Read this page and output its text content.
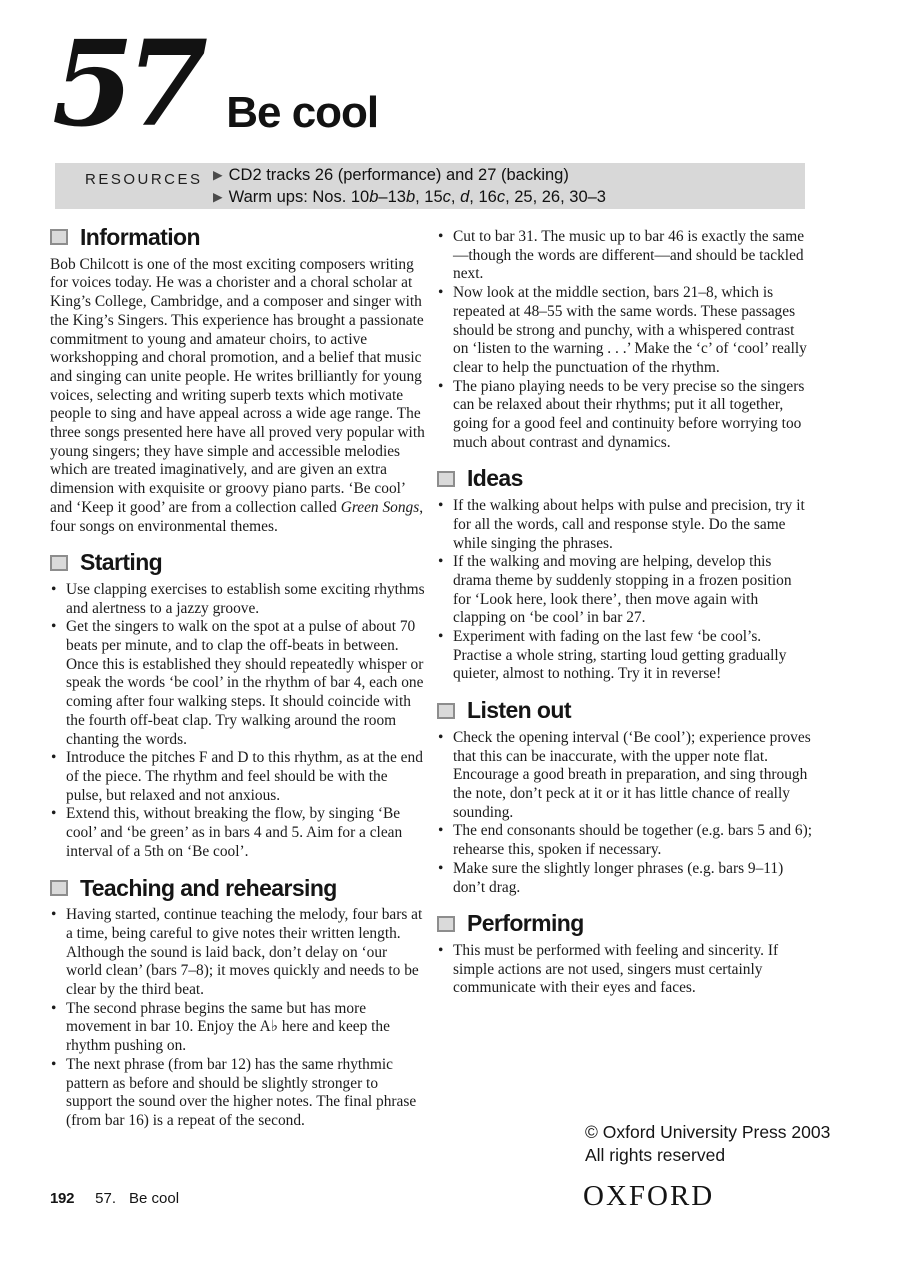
57 Be cool
RESOURCES ▶ CD2 tracks 26 (performance) and 27 (backing)
▶ Warm ups: Nos. 10b–13b, 15c, d, 16c, 25, 26, 30–3
Information

Bob Chilcott is one of the most exciting composers writing for voices today. He was a chorister and a choral scholar at King’s College, Cambridge, and a composer and singer with the King’s Singers. This experience has brought a passionate commitment to young and amateur choirs, to active workshopping and choral promotion, and a belief that music and singing can unite people. He writes brilliantly for young voices, selecting and writing superb texts which motivate people to sing and have appeal across a wide age range. The three songs presented here have all proved very popular with young singers; they have simple and accessible melodies which are treated imaginatively, and are given an extra dimension with exquisite or groovy piano parts. ‘Be cool’ and ‘Keep it good’ are from a collection called Green Songs, four songs on environmental themes.

Starting
• Use clapping exercises to establish some exciting rhythms and alertness to a jazzy groove.
• Get the singers to walk on the spot at a pulse of about 70 beats per minute, and to clap the off-beats in between. Once this is established they should repeatedly whisper or speak the words ‘be cool’ in the rhythm of bar 4, each one coming after four walking steps. It should coincide with the fourth off-beat clap. Try walking around the room chanting the words.
• Introduce the pitches F and D to this rhythm, as at the end of the piece. The rhythm and feel should be with the pulse, but relaxed and not anxious.
• Extend this, without breaking the flow, by singing ‘Be cool’ and ‘be green’ as in bars 4 and 5. Aim for a clean interval of a 5th on ‘Be cool’.
Teaching and rehearsing
• Having started, continue teaching the melody, four bars at a time, being careful to give notes their written length. Although the sound is laid back, don’t delay on ‘our world clean’ (bars 7–8); it moves quickly and needs to be clear by the third beat.
• The second phrase begins the same but has more movement in bar 10. Enjoy the A♭ here and keep the rhythm pushing on.
• The next phrase (from bar 12) has the same rhythmic pattern as before and should be slightly stronger to support the sound over the higher notes. The final phrase (from bar 16) is a repeat of the second.
• Cut to bar 31. The music up to bar 46 is exactly the same—though the words are different—and should be tackled next.
• Now look at the middle section, bars 21–8, which is repeated at 48–55 with the same words. These passages should be strong and punchy, with a whispered contrast on ‘listen to the warning . . .’ Make the ‘c’ of ‘cool’ really clear to help the punctuation of the rhythm.
• The piano playing needs to be very precise so the singers can be relaxed about their rhythms; put it all together, going for a good feel and continuity before worrying too much about contrast and dynamics.
Ideas
• If the walking about helps with pulse and precision, try it for all the words, call and response style. Do the same while singing the phrases.
• If the walking and moving are helping, develop this drama theme by suddenly stopping in a frozen position for ‘Look here, look there’, then move again with clapping on ‘be cool’ in bar 27.
• Experiment with fading on the last few ‘be cool’s. Practise a whole string, starting loud getting gradually quieter, almost to nothing. Try it in reverse!
Listen out
• Check the opening interval (‘Be cool’); experience proves that this can be inaccurate, with the upper note flat. Encourage a good breath in preparation, and sing through the note, don’t peck at it or it has little chance of really sounding.
• The end consonants should be together (e.g. bars 5 and 6); rehearse this, spoken if necessary.
• Make sure the slightly longer phrases (e.g. bars 9–11) don’t drag.
Performing
• This must be performed with feeling and sincerity. If simple actions are not used, singers must certainly communicate with their eyes and faces.
© Oxford University Press 2003
All rights reserved
OXFORD
192 57. Be cool
